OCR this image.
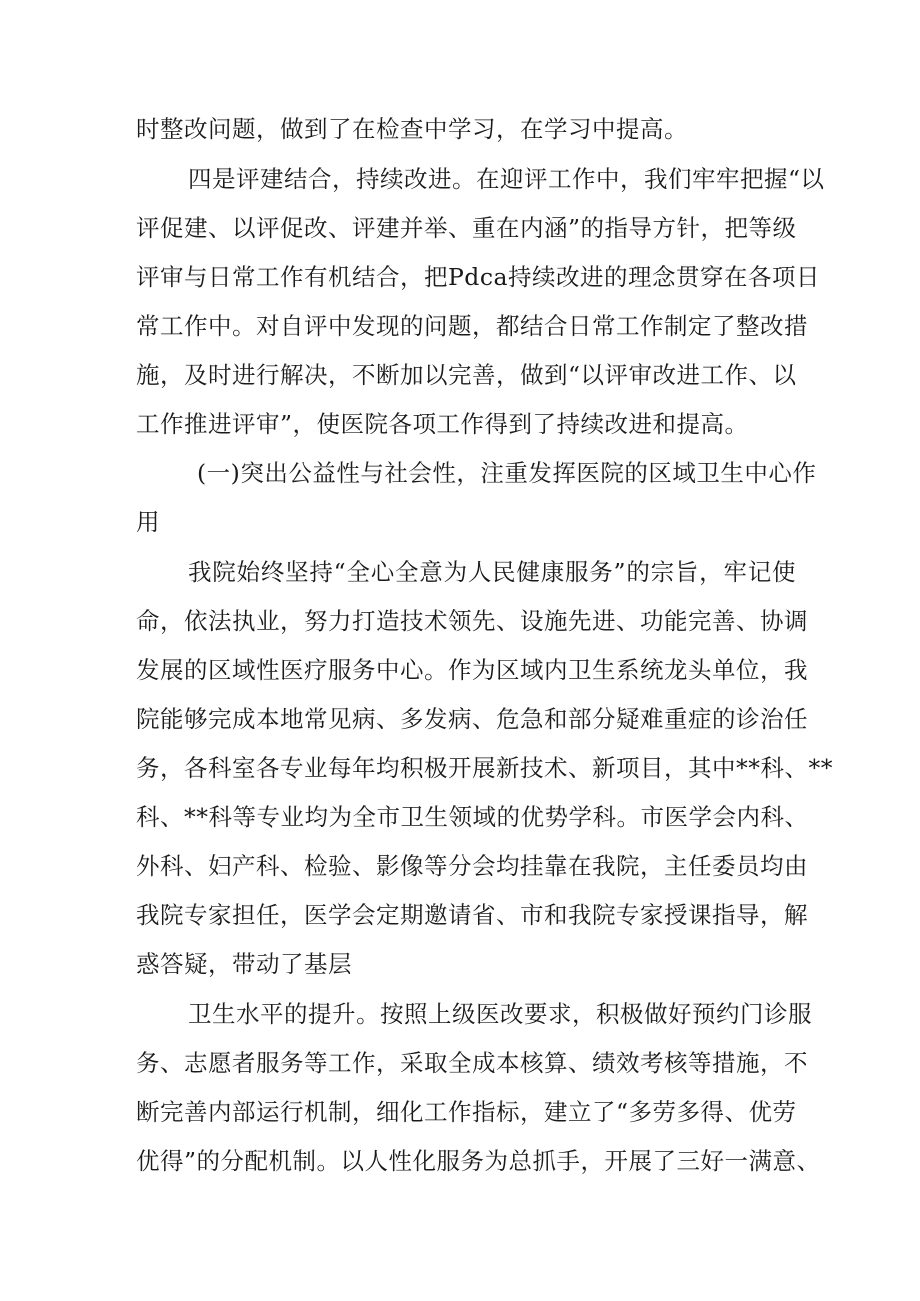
时整改问题，做到了在检查中学习，在学习中提高。
四是评建结合，持续改进。在迎评工作中，我们牢牢把握“以
评促建、以评促改、评建并举、重在内涵”的指导方针，把等级
评审与日常工作有机结合，把Pdca持续改进的理念贯穿在各项日
常工作中。对自评中发现的问题，都结合日常工作制定了整改措
施，及时进行解决，不断加以完善，做到“以评审改进工作、以
工作推进评审”，使医院各项工作得到了持续改进和提高。
(一)突出公益性与社会性，注重发挥医院的区域卫生中心作
用
我院始终坚持“全心全意为人民健康服务”的宗旨，牢记使
命，依法执业，努力打造技术领先、设施先进、功能完善、协调
发展的区域性医疗服务中心。作为区域内卫生系统龙头单位，我
院能够完成本地常见病、多发病、危急和部分疑难重症的诊治任
务，各科室各专业每年均积极开展新技术、新项目，其中**科、**
科、**科等专业均为全市卫生领域的优势学科。市医学会内科、
外科、妇产科、检验、影像等分会均挂靠在我院，主任委员均由
我院专家担任，医学会定期邀请省、市和我院专家授课指导，解
惑答疑，带动了基层
卫生水平的提升。按照上级医改要求，积极做好预约门诊服
务、志愿者服务等工作，采取全成本核算、绩效考核等措施，不
断完善内部运行机制，细化工作指标，建立了“多劳多得、优劳
优得”的分配机制。以人性化服务为总抓手，开展了三好一满意、
